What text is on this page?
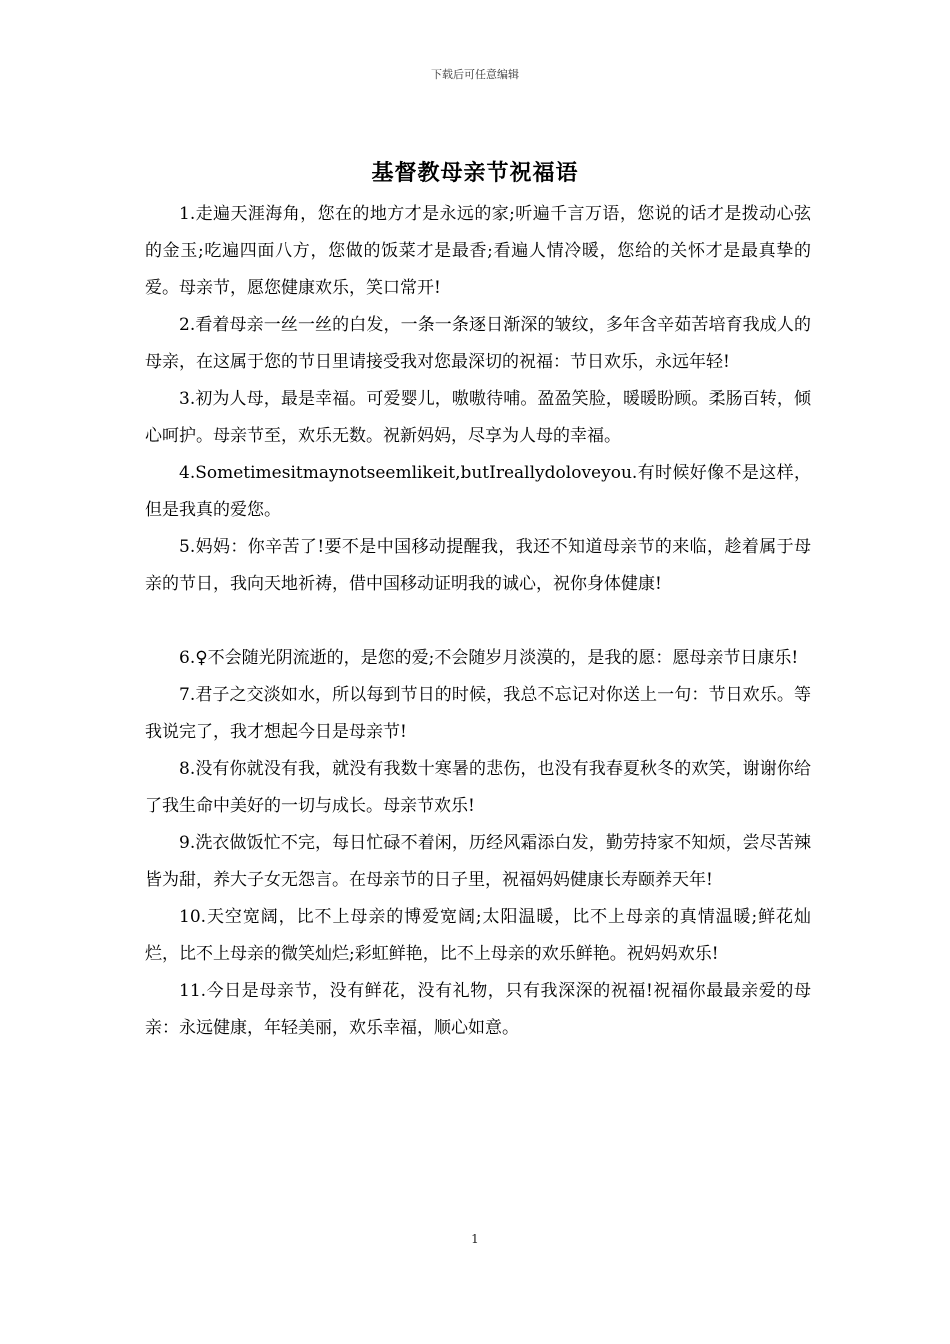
下载后可任意编辑
基督教母亲节祝福语

1.走遍天涯海角，您在的地方才是永远的家;听遍千言万语，您说的话才是拨动心弦的金玉;吃遍四面八方，您做的饭菜才是最香;看遍人情冷暖，您给的关怀才是最真挚的爱。母亲节，愿您健康欢乐，笑口常开!

2.看着母亲一丝一丝的白发，一条一条逐日渐深的皱纹，多年含辛茹苦培育我成人的母亲，在这属于您的节日里请接受我对您最深切的祝福：节日欢乐，永远年轻!

3.初为人母，最是幸福。可爱婴儿，嗷嗷待哺。盈盈笑脸，暖暖盼顾。柔肠百转，倾心呵护。母亲节至，欢乐无数。祝新妈妈，尽享为人母的幸福。

4.Sometimesitmaynotseemlikeit,butIreallydoloveyou.有时候好像不是这样，但是我真的爱您。

5.妈妈：你辛苦了!要不是中国移动提醒我，我还不知道母亲节的来临，趁着属于母亲的节日，我向天地祈祷，借中国移动证明我的诚心，祝你身体健康!

6.♀不会随光阴流逝的，是您的爱;不会随岁月淡漠的，是我的愿：愿母亲节日康乐!

7.君子之交淡如水，所以每到节日的时候，我总不忘记对你送上一句：节日欢乐。等我说完了，我才想起今日是母亲节!

8.没有你就没有我，就没有我数十寒暑的悲伤，也没有我春夏秋冬的欢笑，谢谢你给了我生命中美好的一切与成长。母亲节欢乐!

9.洗衣做饭忙不完，每日忙碌不着闲，历经风霜添白发，勤劳持家不知烦，尝尽苦辣皆为甜，养大子女无怨言。在母亲节的日子里，祝福妈妈健康长寿颐养天年!

10.天空宽阔，比不上母亲的博爱宽阔;太阳温暖，比不上母亲的真情温暖;鲜花灿烂，比不上母亲的微笑灿烂;彩虹鲜艳，比不上母亲的欢乐鲜艳。祝妈妈欢乐!

11.今日是母亲节，没有鲜花，没有礼物，只有我深深的祝福!祝福你最最亲爱的母亲：永远健康，年轻美丽，欢乐幸福，顺心如意。

1
